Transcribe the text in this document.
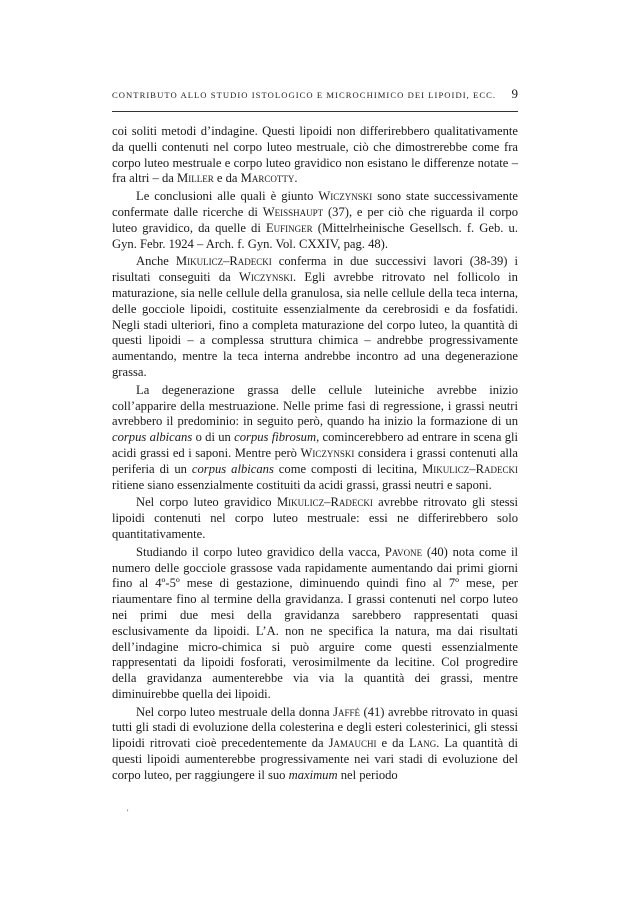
CONTRIBUTO ALLO STUDIO ISTOLOGICO E MICROCHIMICO DEI LIPOIDI, ECC. 9

coi soliti metodi d’indagine. Questi lipoidi non differirebbero qualitativamente da quelli contenuti nel corpo luteo mestruale, ciò che dimostrerebbe come fra corpo luteo mestruale e corpo luteo gravidico non esistano le differenze notate – fra altri – da Miller e da Marcotty.

Le conclusioni alle quali è giunto Wiczynski sono state successivamente confermate dalle ricerche di Weisshaupt (37), e per ciò che riguarda il corpo luteo gravidico, da quelle di Eufinger (Mittelrheinische Gesellsch. f. Geb. u. Gyn. Febr. 1924 – Arch. f. Gyn. Vol. CXXIV, pag. 48).

Anche Mikulicz–Radecki conferma in due successivi lavori (38-39) i risultati conseguiti da Wiczynski. Egli avrebbe ritrovato nel follicolo in maturazione, sia nelle cellule della granulosa, sia nelle cellule della teca interna, delle gocciole lipoidi, costituite essenzialmente da cerebrosidi e da fosfatidi. Negli stadi ulteriori, fino a completa maturazione del corpo luteo, la quantità di questi lipoidi – a complessa struttura chimica – andrebbe progressivamente aumentando, mentre la teca interna andrebbe incontro ad una degenerazione grassa.

La degenerazione grassa delle cellule luteiniche avrebbe inizio coll’apparire della mestruazione. Nelle prime fasi di regressione, i grassi neutri avrebbero il predominio: in seguito però, quando ha inizio la formazione di un corpus albicans o di un corpus fibrosum, comincerebbero ad entrare in scena gli acidi grassi ed i saponi. Mentre però Wiczynski considera i grassi contenuti alla periferia di un corpus albicans come composti di lecitina, Mikulicz–Radecki ritiene siano essenzialmente costituiti da acidi grassi, grassi neutri e saponi.

Nel corpo luteo gravidico Mikulicz–Radecki avrebbe ritrovato gli stessi lipoidi contenuti nel corpo luteo mestruale: essi ne differirebbero solo quantitativamente.

Studiando il corpo luteo gravidico della vacca, Pavone (40) nota come il numero delle gocciole grassose vada rapidamente aumentando dai primi giorni fino al 4º-5º mese di gestazione, diminuendo quindi fino al 7º mese, per riaumentare fino al termine della gravidanza. I grassi contenuti nel corpo luteo nei primi due mesi della gravidanza sarebbero rappresentati quasi esclusivamente da lipoidi. L’A. non ne specifica la natura, ma dai risultati dell’indagine micro-chimica si può arguire come questi essenzialmente rappresentati da lipoidi fosforati, verosimilmente da lecitine. Col progredire della gravidanza aumenterebbe via via la quantità dei grassi, mentre diminuirebbe quella dei lipoidi.

Nel corpo luteo mestruale della donna Jaffé (41) avrebbe ritrovato in quasi tutti gli stadi di evoluzione della colesterina e degli esteri colesterinici, gli stessi lipoidi ritrovati cioè precedentemente da Jamauchi e da Lang. La quantità di questi lipoidi aumenterebbe progressivamente nei vari stadi di evoluzione del corpo luteo, per raggiungere il suo maximum nel periodo

'
